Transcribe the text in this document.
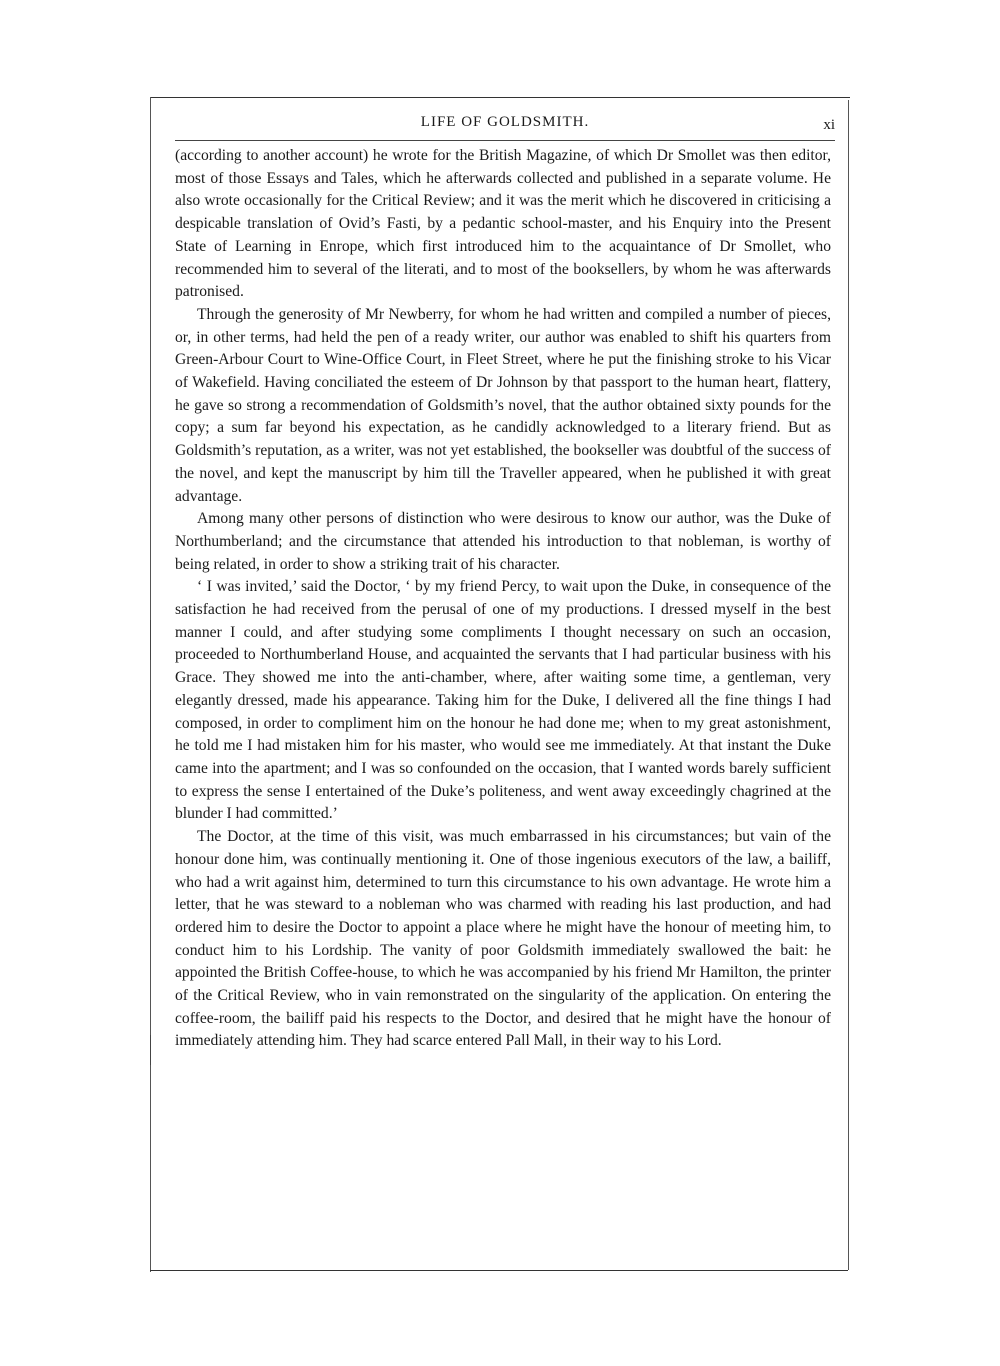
LIFE OF GOLDSMITH.	xi

(according to another account) he wrote for the British Magazine, of which Dr Smollet was then editor, most of those Essays and Tales, which he afterwards collected and published in a separate volume. He also wrote occasionally for the Critical Review; and it was the merit which he discovered in criticising a despicable translation of Ovid’s Fasti, by a pedantic school-master, and his Enquiry into the Present State of Learning in Enrope, which first introduced him to the acquaintance of Dr Smollet, who recommended him to several of the literati, and to most of the booksellers, by whom he was afterwards patronised.

Through the generosity of Mr Newberry, for whom he had written and compiled a number of pieces, or, in other terms, had held the pen of a ready writer, our author was enabled to shift his quarters from Green-Arbour Court to Wine-Office Court, in Fleet Street, where he put the finishing stroke to his Vicar of Wakefield. Having conciliated the esteem of Dr Johnson by that passport to the human heart, flattery, he gave so strong a recommendation of Goldsmith’s novel, that the author obtained sixty pounds for the copy; a sum far beyond his expectation, as he candidly acknowledged to a literary friend. But as Goldsmith’s reputation, as a writer, was not yet established, the bookseller was doubtful of the success of the novel, and kept the manuscript by him till the Traveller appeared, when he published it with great advantage.

Among many other persons of distinction who were desirous to know our author, was the Duke of Northumberland; and the circumstance that attended his introduction to that nobleman, is worthy of being related, in order to show a striking trait of his character.

‘ I was invited,’ said the Doctor, ‘ by my friend Percy, to wait upon the Duke, in consequence of the satisfaction he had received from the perusal of one of my productions. I dressed myself in the best manner I could, and after studying some compliments I thought necessary on such an occasion, proceeded to Northumberland House, and acquainted the servants that I had particular business with his Grace. They showed me into the anti-chamber, where, after waiting some time, a gentleman, very elegantly dressed, made his appearance. Taking him for the Duke, I delivered all the fine things I had composed, in order to compliment him on the honour he had done me; when to my great astonishment, he told me I had mistaken him for his master, who would see me immediately. At that instant the Duke came into the apartment; and I was so confounded on the occasion, that I wanted words barely sufficient to express the sense I entertained of the Duke’s politeness, and went away exceedingly chagrined at the blunder I had committed.’

The Doctor, at the time of this visit, was much embarrassed in his circumstances; but vain of the honour done him, was continually mentioning it. One of those ingenious executors of the law, a bailiff, who had a writ against him, determined to turn this circumstance to his own advantage. He wrote him a letter, that he was steward to a nobleman who was charmed with reading his last production, and had ordered him to desire the Doctor to appoint a place where he might have the honour of meeting him, to conduct him to his Lordship. The vanity of poor Goldsmith immediately swallowed the bait: he appointed the British Coffee-house, to which he was accompanied by his friend Mr Hamilton, the printer of the Critical Review, who in vain remonstrated on the singularity of the application. On entering the coffee-room, the bailiff paid his respects to the Doctor, and desired that he might have the honour of immediately attending him. They had scarce entered Pall Mall, in their way to his Lord.
